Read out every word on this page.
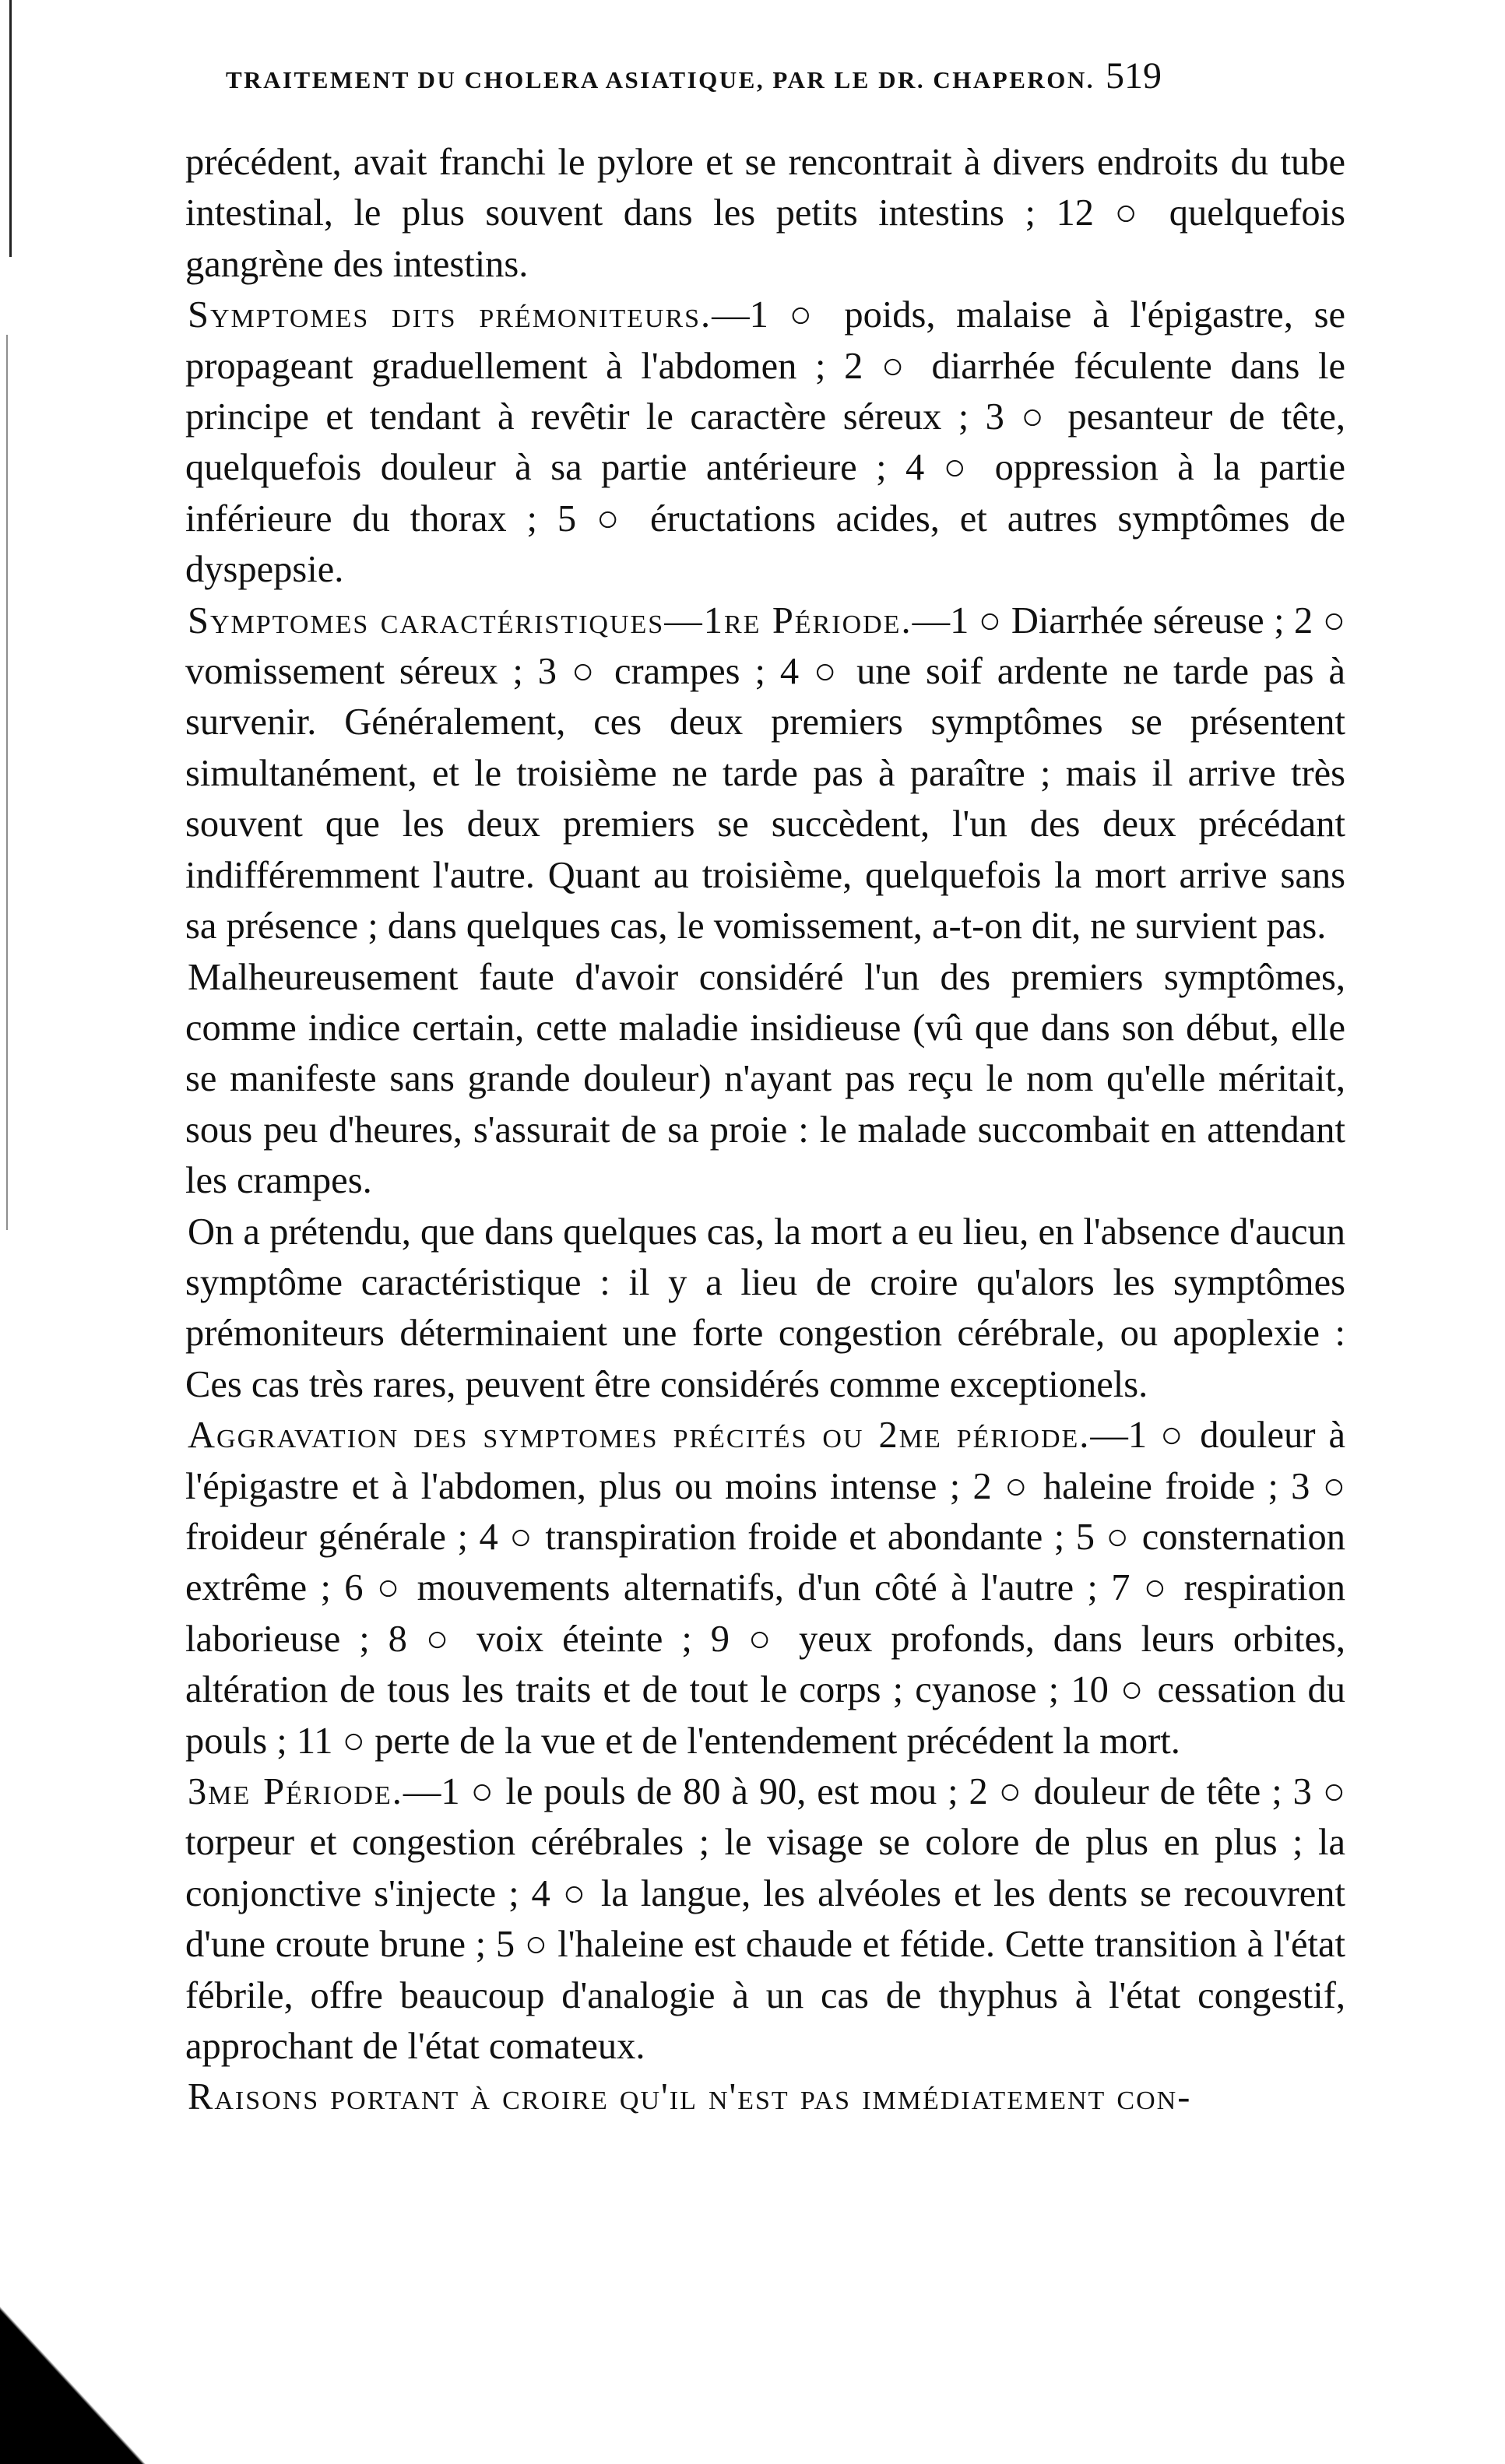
TRAITEMENT DU CHOLERA ASIATIQUE, PAR LE DR. CHAPERON. 519

précédent, avait franchi le pylore et se rencontrait à divers endroits du tube intestinal, le plus souvent dans les petits intestins ; 12 ○ quelquefois gangrène des intestins.

Symptomes dits prémoniteurs.—1 ○ poids, malaise à l'épigastre, se propageant graduellement à l'abdomen ; 2 ○ diarrhée féculente dans le principe et tendant à revêtir le caractère séreux ; 3 ○ pesanteur de tête, quelquefois douleur à sa partie antérieure ; 4 ○ oppression à la partie inférieure du thorax ; 5 ○ éructations acides, et autres symptômes de dyspepsie.

Symptomes caractéristiques—1re Période.—1 ○ Diarrhée séreuse ; 2 ○ vomissement séreux ; 3 ○ crampes ; 4 ○ une soif ardente ne tarde pas à survenir. Généralement, ces deux premiers symptômes se présentent simultanément, et le troisième ne tarde pas à paraître ; mais il arrive très souvent que les deux premiers se succèdent, l'un des deux précédant indifféremment l'autre. Quant au troisième, quelquefois la mort arrive sans sa présence ; dans quelques cas, le vomissement, a-t-on dit, ne survient pas.

Malheureusement faute d'avoir considéré l'un des premiers symptômes, comme indice certain, cette maladie insidieuse (vû que dans son début, elle se manifeste sans grande douleur) n'ayant pas reçu le nom qu'elle méritait, sous peu d'heures, s'assurait de sa proie : le malade succombait en attendant les crampes.

On a prétendu, que dans quelques cas, la mort a eu lieu, en l'absence d'aucun symptôme caractéristique : il y a lieu de croire qu'alors les symptômes prémoniteurs déterminaient une forte congestion cérébrale, ou apoplexie : Ces cas très rares, peuvent être considérés comme exceptionels.

Aggravation des symptomes précités ou 2me période.—1 ○ douleur à l'épigastre et à l'abdomen, plus ou moins intense ; 2 ○ haleine froide ; 3 ○ froideur générale ; 4 ○ transpiration froide et abondante ; 5 ○ consternation extrême ; 6 ○ mouvements alternatifs, d'un côté à l'autre ; 7 ○ respiration laborieuse ; 8 ○ voix éteinte ; 9 ○ yeux profonds, dans leurs orbites, altération de tous les traits et de tout le corps ; cyanose ; 10 ○ cessation du pouls ; 11 ○ perte de la vue et de l'entendement précédent la mort.

3me Période.—1 ○ le pouls de 80 à 90, est mou ; 2 ○ douleur de tête ; 3 ○ torpeur et congestion cérébrales ; le visage se colore de plus en plus ; la conjonctive s'injecte ; 4 ○ la langue, les alvéoles et les dents se recouvrent d'une croute brune ; 5 ○ l'haleine est chaude et fétide. Cette transition à l'état fébrile, offre beaucoup d'analogie à un cas de thyphus à l'état congestif, approchant de l'état comateux.

Raisons portant à croire qu'il n'est pas immédiatement con-
